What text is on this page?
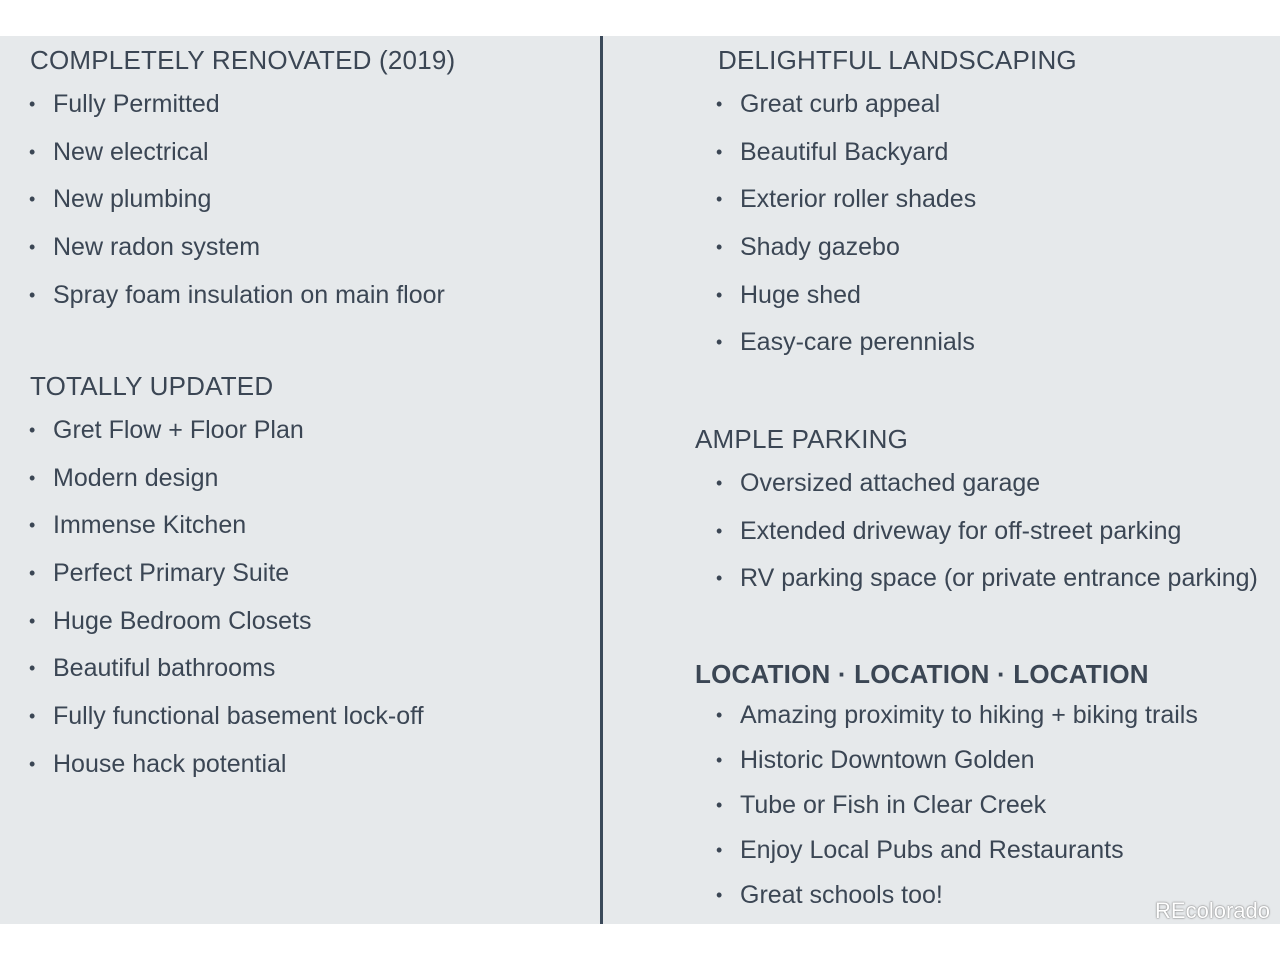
COMPLETELY RENOVATED (2019)
• Fully Permitted
• New electrical
• New plumbing
• New radon system
• Spray foam insulation on main floor
TOTALLY UPDATED
• Gret Flow + Floor Plan
• Modern design
• Immense Kitchen
• Perfect Primary Suite
• Huge Bedroom Closets
• Beautiful bathrooms
• Fully functional basement lock-off
• House hack potential
DELIGHTFUL LANDSCAPING
• Great curb appeal
• Beautiful Backyard
• Exterior roller shades
• Shady gazebo
• Huge shed
• Easy-care perennials
AMPLE PARKING
• Oversized attached garage
• Extended driveway for off-street parking
• RV parking space (or private entrance parking)
LOCATION · LOCATION · LOCATION
• Amazing proximity to hiking + biking trails
• Historic Downtown Golden
• Tube or Fish in Clear Creek
• Enjoy Local Pubs and Restaurants
• Great schools too!
REcolorado
